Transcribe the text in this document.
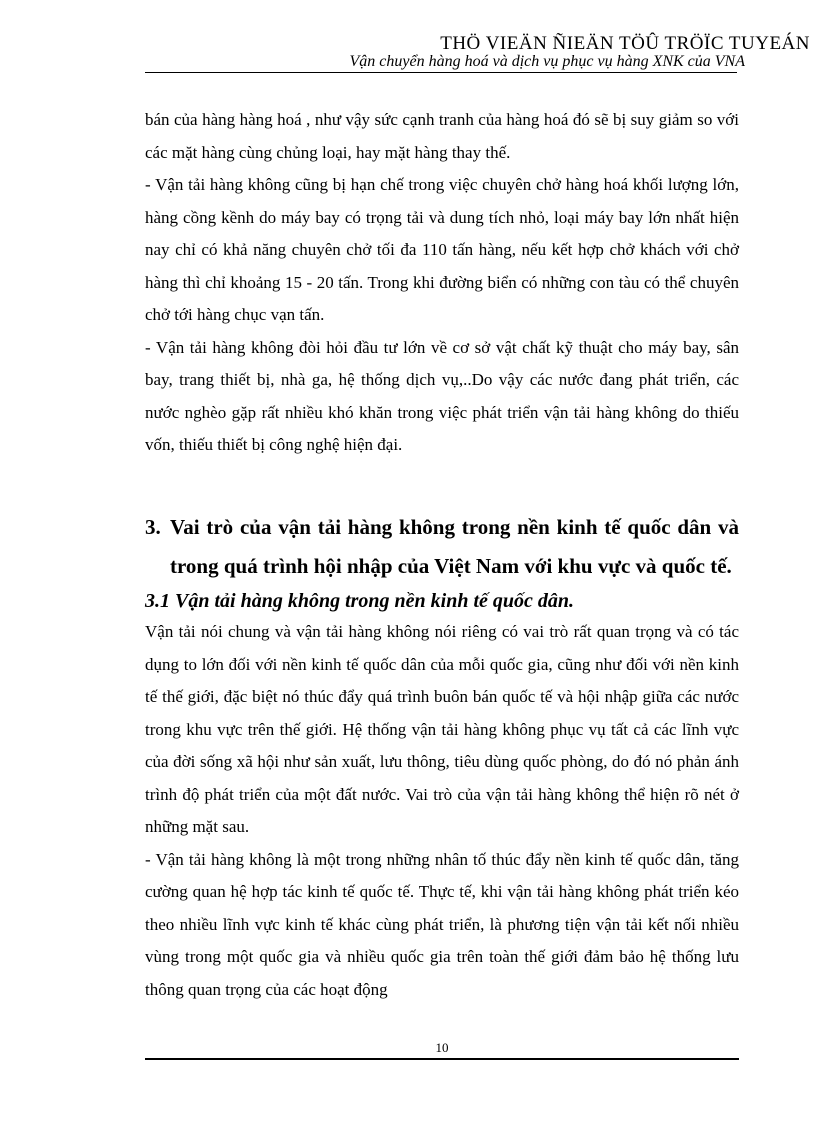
THÖ VIEÄN ÑIEÄN TÖÛ TRÖÏC TUYEÁN
Vận chuyển hàng hoá và dịch vụ phục vụ hàng XNK của VNA

bán của hàng hàng hoá , như vậy sức cạnh tranh của hàng hoá đó sẽ bị suy giảm so với các mặt hàng cùng chủng loại, hay mặt hàng thay thế.

- Vận tải hàng không cũng bị hạn chế trong việc chuyên chở hàng hoá khối lượng lớn, hàng cồng kềnh do máy bay có trọng tải và dung tích nhỏ, loại máy bay lớn nhất hiện nay chỉ có khả năng chuyên chở tối đa 110 tấn hàng, nếu kết hợp chở khách với chở hàng thì chỉ khoảng 15 - 20 tấn. Trong khi đường biển có những con tàu có thể chuyên chở tới hàng chục vạn tấn.

- Vận tải hàng không đòi hỏi đầu tư lớn về cơ sở vật chất kỹ thuật cho máy bay, sân bay, trang thiết bị, nhà ga, hệ thống dịch vụ,..Do vậy các nước đang phát triển, các nước nghèo gặp rất nhiều khó khăn trong việc phát triển vận tải hàng không do thiếu vốn, thiếu thiết bị công nghệ hiện đại.

3. Vai trò của vận tải hàng không trong nền kinh tế quốc dân và trong quá trình hội nhập của Việt Nam với khu vực và quốc tế.
3.1 Vận tải hàng không trong nền kinh tế quốc dân.

Vận tải nói chung và vận tải hàng không nói riêng có vai trò rất quan trọng và có tác dụng to lớn đối với nền kinh tế quốc dân của mỗi quốc gia, cũng như đối với nền kinh tế thế giới, đặc biệt nó thúc đẩy quá trình buôn bán quốc tế và hội nhập giữa các nước trong khu vực trên thế giới. Hệ thống vận tải hàng không phục vụ tất cả các lĩnh vực của đời sống xã hội như sản xuất, lưu thông, tiêu dùng quốc phòng, do đó nó phản ánh trình độ phát triển của một đất nước. Vai trò của vận tải hàng không thể hiện rõ nét ở những mặt sau.

- Vận tải hàng không là một trong những nhân tố thúc đẩy nền kinh tế quốc dân, tăng cường quan hệ hợp tác kinh tế quốc tế. Thực tế, khi vận tải hàng không phát triển kéo theo nhiều lĩnh vực kinh tế khác cùng phát triển, là phương tiện vận tải kết nối nhiều vùng trong một quốc gia và nhiều quốc gia trên toàn thế giới đảm bảo hệ thống lưu thông quan trọng của các hoạt động

10
